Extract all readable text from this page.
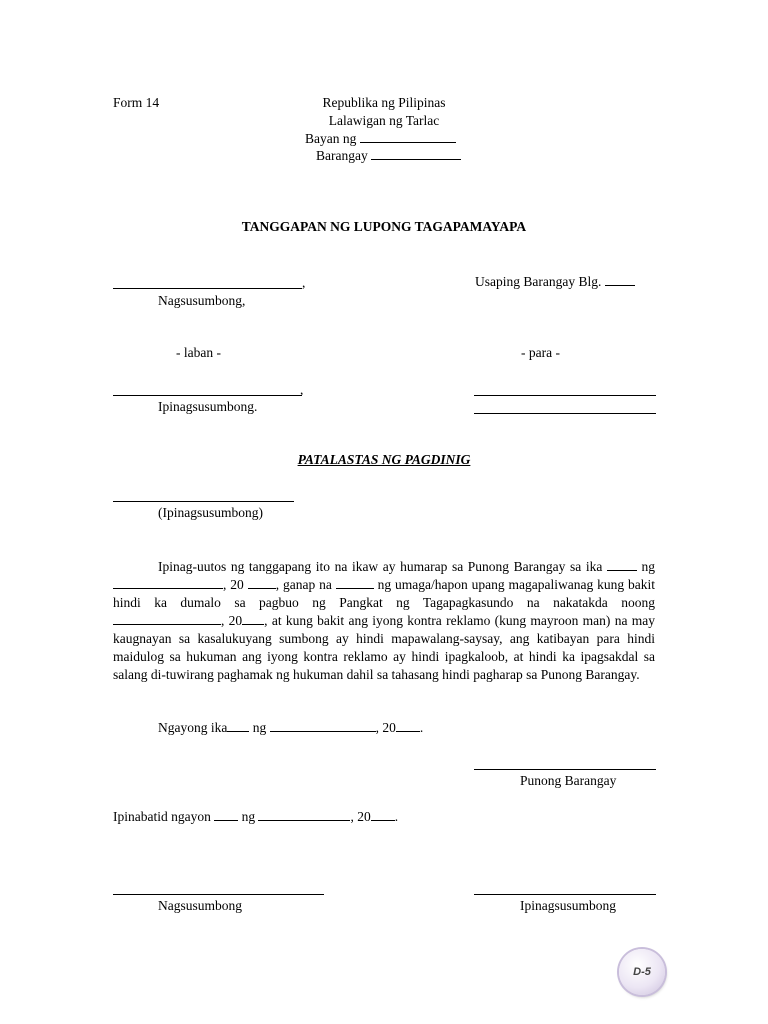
Form 14	Republika ng Pilipinas
Lalawigan ng Tarlac
Bayan ng
Barangay
TANGGAPAN NG LUPONG TAGAPAMAYAPA
,	Usaping Barangay Blg.
Nagsusumbong,
- laban -	- para -
,
Ipinagsusumbong.
PATALASTAS NG PAGDINIG
(Ipinagsusumbong)
Ipinag-uutos ng tanggapang ito na ikaw ay humarap sa Punong Barangay sa ika	ng , 20 , ganap na	ng umaga/hapon upang magapaliwanag kung bakit hindi ka dumalo sa pagbuo ng Pangkat ng Tagapagkasundo na nakatakda noong , 20 , at kung bakit ang iyong kontra reklamo (kung mayroon man) na may kaugnayan sa kasalukuyang sumbong ay hindi mapawalang-saysay, ang katibayan para hindi maidulog sa hukuman ang iyong kontra reklamo ay hindi ipagkaloob, at hindi ka ipagsakdal sa salang di-tuwirang paghamak ng hukuman dahil sa tahasang hindi pagharap sa Punong Barangay.
Ngayong ika ng	, 20 .
Punong Barangay
Ipinabatid ngayon ng	, 20 .
Nagsusumbong	Ipinagsusumbong
D-5
